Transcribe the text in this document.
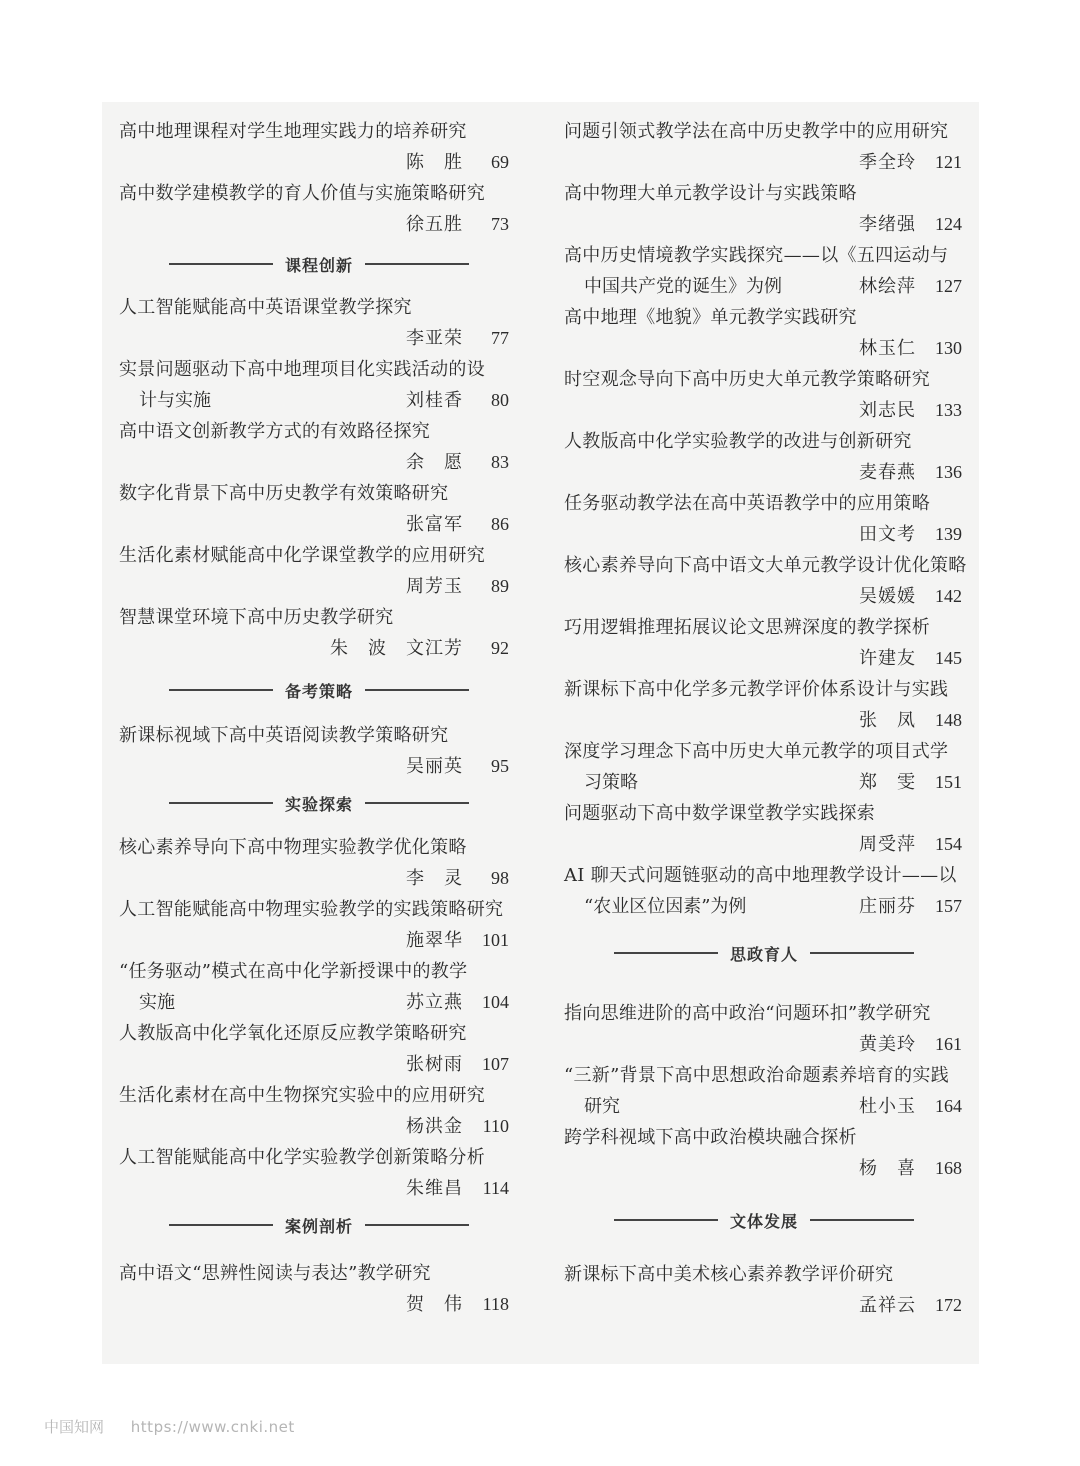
高中地理课程对学生地理实践力的培养研究
陈　胜	69
高中数学建模教学的育人价值与实施策略研究
徐五胜	73
课程创新
人工智能赋能高中英语课堂教学探究
李亚荣	77
实景问题驱动下高中地理项目化实践活动的设
计与实施	刘桂香	80
高中语文创新教学方式的有效路径探究
余　愿	83
数字化背景下高中历史教学有效策略研究
张富军	86
生活化素材赋能高中化学课堂教学的应用研究
周芳玉	89
智慧课堂环境下高中历史教学研究
朱　波　文江芳	92
备考策略
新课标视域下高中英语阅读教学策略研究
吴丽英	95
实验探索
核心素养导向下高中物理实验教学优化策略
李　灵	98
人工智能赋能高中物理实验教学的实践策略研究
施翠华	101
“任务驱动”模式在高中化学新授课中的教学
实施	苏立燕	104
人教版高中化学氧化还原反应教学策略研究
张树雨	107
生活化素材在高中生物探究实验中的应用研究
杨洪金	110
人工智能赋能高中化学实验教学创新策略分析
朱维昌	114
案例剖析
高中语文“思辨性阅读与表达”教学研究
贺　伟	118
问题引领式教学法在高中历史教学中的应用研究
季全玲	121
高中物理大单元教学设计与实践策略
李绪强	124
高中历史情境教学实践探究——以《五四运动与
中国共产党的诞生》为例	林绘萍	127
高中地理《地貌》单元教学实践研究
林玉仁	130
时空观念导向下高中历史大单元教学策略研究
刘志民	133
人教版高中化学实验教学的改进与创新研究
麦春燕	136
任务驱动教学法在高中英语教学中的应用策略
田文考	139
核心素养导向下高中语文大单元教学设计优化策略
吴媛媛	142
巧用逻辑推理拓展议论文思辨深度的教学探析
许建友	145
新课标下高中化学多元教学评价体系设计与实践
张　凤	148
深度学习理念下高中历史大单元教学的项目式学
习策略	郑　雯	151
问题驱动下高中数学课堂教学实践探索
周受萍	154
AI 聊天式问题链驱动的高中地理教学设计——以
“农业区位因素”为例	庄丽芬	157
思政育人
指向思维进阶的高中政治“问题环扣”教学研究
黄美玲	161
“三新”背景下高中思想政治命题素养培育的实践
研究	杜小玉	164
跨学科视域下高中政治模块融合探析
杨　喜	168
文体发展
新课标下高中美术核心素养教学评价研究
孟祥云	172
中国知网 https://www.cnki.net
